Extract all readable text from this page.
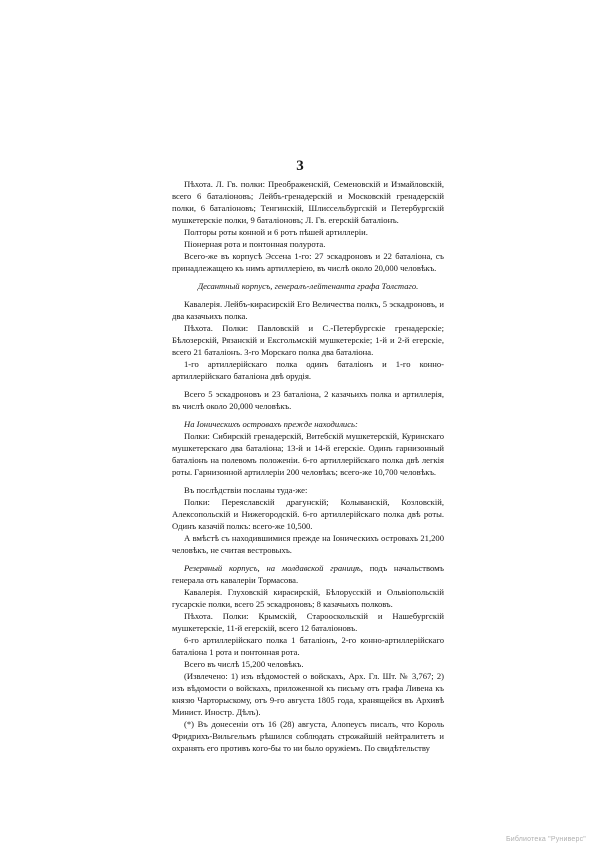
3

Пѣхота. Л. Гв. полки: Преображенскій, Семеновскій и Измайловскій, всего 6 баталіоновъ; Лейбъ-гренадерскій и Московскій гренадерскій полки, 6 баталіоновъ; Тенгинскій, Шлиссельбургскій и Петербургскій мушкетерскіе полки, 9 баталіоновъ; Л. Гв. егерскій баталіонъ.

Полторы роты конной и 6 ротъ пѣшей артиллеріи.

Піонерная рота и понтонная полурота.

Всего-же въ корпусѣ Эссена 1-го: 27 эскадроновъ и 22 баталіона, съ принадлежащею къ нимъ артиллеріею, въ числѣ около 20,000 человѣкъ.

Десантный корпусъ, генералъ-лейтенанта графа Толстаго.

Кавалерія. Лейбъ-кирасирскій Его Величества полкъ, 5 эскадроновъ, и два казачьихъ полка.

Пѣхота. Полки: Павловскій и С.-Петербургскіе гренадерскіе; Бѣлозерскій, Рязанскій и Ексгольмскій мушкетерскіе; 1-й и 2-й егерскіе, всего 21 баталіонъ. 3-го Морскаго полка два баталіона.

1-го артиллерійскаго полка одинъ баталіонъ и 1-го конно-артиллерійскаго баталіона двѣ орудія.

Всего 5 эскадроновъ и 23 баталіона, 2 казачьихъ полка и артиллерія, въ числѣ около 20,000 человѣкъ.

На Іоническихъ островахъ прежде находились:

Полки: Сибирскій гренадерскій, Витебскій мушкетерскій, Куринскаго мушкетерскаго два баталіона; 13-й и 14-й егерскіе. Одинъ гарнизонный баталіонъ на полевомъ положеніи. 6-го артиллерійскаго полка двѣ легкія роты. Гарнизонной артиллеріи 200 человѣкъ; всего-же 10,700 человѣкъ.

Въ послѣдствіи посланы туда-же:

Полки: Переяславскій драгунскій; Колыванскій, Козловскій, Алексопольскій и Нижегородскій. 6-го артиллерійскаго полка двѣ роты. Одинъ казачій полкъ: всего-же 10,500.

А вмѣстѣ съ находившимися прежде на Іоническихъ островахъ 21,200 человѣкъ, не считая вестровыхъ.

Резервный корпусъ, на молдавской границѣ, подъ начальствомъ генерала отъ кавалеріи Тормасова.

Кавалерія. Глуховскій кирасирскій, Бѣлорусскій и Ольвіопольскій гусарскіе полки, всего 25 эскадроновъ; 8 казачьихъ полковъ.

Пѣхота. Полки: Крымскій, Старооскольскій и Нашебургскій мушкетерскіе, 11-й егерскій, всего 12 баталіоновъ.

6-го артиллерійскаго полка 1 баталіонъ, 2-го конно-артиллерійскаго баталіона 1 рота и понтонная рота.

Всего въ числѣ 15,200 человѣкъ.

(Извлечено: 1) изъ вѣдомостей о войскахъ, Арх. Гл. Шт. № 3,767; 2) изъ вѣдомости о войскахъ, приложенной къ письму отъ графа Ливена къ князю Чарторыскому, отъ 9-го августа 1805 года, хранящейся въ Архивѣ Минист. Иностр. Дѣлъ).

(*) Въ донесеніи отъ 16 (28) августа, Алопеусъ писалъ, что Король Фридрихъ-Вильгельмъ рѣшился соблюдать строжайшій нейтралитетъ и охранять его противъ кого-бы то ни было оружіемъ. По свидѣтельству

Библиотека "Руниверс"
